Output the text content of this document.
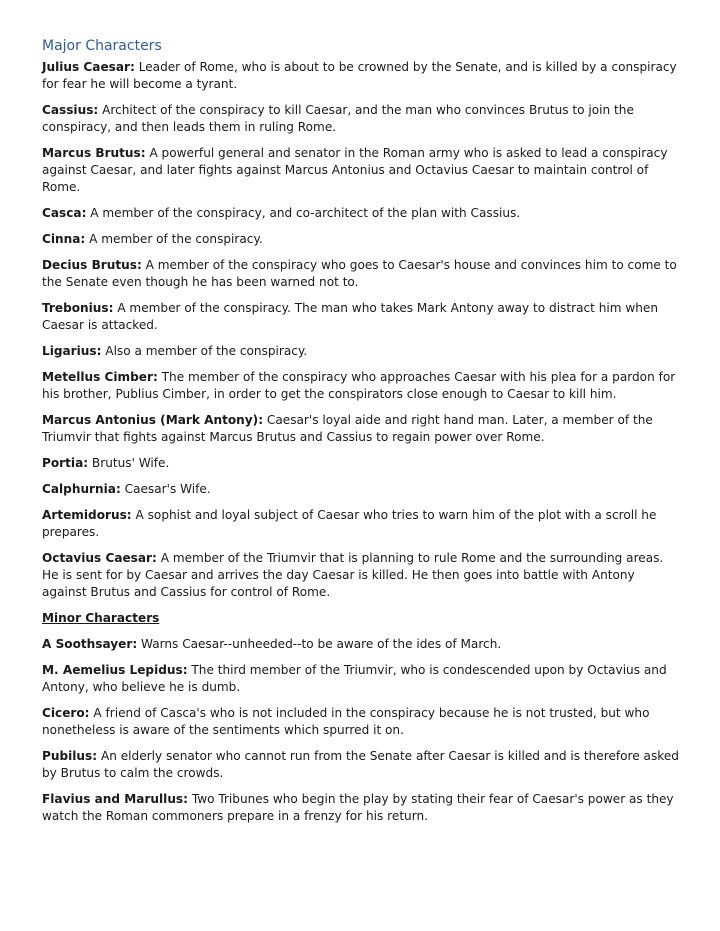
Major Characters
Julius Caesar: Leader of Rome, who is about to be crowned by the Senate, and is killed by a conspiracy for fear he will become a tyrant.
Cassius: Architect of the conspiracy to kill Caesar, and the man who convinces Brutus to join the conspiracy, and then leads them in ruling Rome.
Marcus Brutus: A powerful general and senator in the Roman army who is asked to lead a conspiracy against Caesar, and later fights against Marcus Antonius and Octavius Caesar to maintain control of Rome.
Casca: A member of the conspiracy, and co-architect of the plan with Cassius.
Cinna: A member of the conspiracy.
Decius Brutus: A member of the conspiracy who goes to Caesar's house and convinces him to come to the Senate even though he has been warned not to.
Trebonius: A member of the conspiracy. The man who takes Mark Antony away to distract him when Caesar is attacked.
Ligarius: Also a member of the conspiracy.
Metellus Cimber: The member of the conspiracy who approaches Caesar with his plea for a pardon for his brother, Publius Cimber, in order to get the conspirators close enough to Caesar to kill him.
Marcus Antonius (Mark Antony): Caesar's loyal aide and right hand man. Later, a member of the Triumvir that fights against Marcus Brutus and Cassius to regain power over Rome.
Portia: Brutus' Wife.
Calphurnia: Caesar's Wife.
Artemidorus: A sophist and loyal subject of Caesar who tries to warn him of the plot with a scroll he prepares.
Octavius Caesar: A member of the Triumvir that is planning to rule Rome and the surrounding areas. He is sent for by Caesar and arrives the day Caesar is killed. He then goes into battle with Antony against Brutus and Cassius for control of Rome.
Minor Characters
A Soothsayer: Warns Caesar--unheeded--to be aware of the ides of March.
M. Aemelius Lepidus: The third member of the Triumvir, who is condescended upon by Octavius and Antony, who believe he is dumb.
Cicero: A friend of Casca's who is not included in the conspiracy because he is not trusted, but who nonetheless is aware of the sentiments which spurred it on.
Pubilus: An elderly senator who cannot run from the Senate after Caesar is killed and is therefore asked by Brutus to calm the crowds.
Flavius and Marullus: Two Tribunes who begin the play by stating their fear of Caesar's power as they watch the Roman commoners prepare in a frenzy for his return.
